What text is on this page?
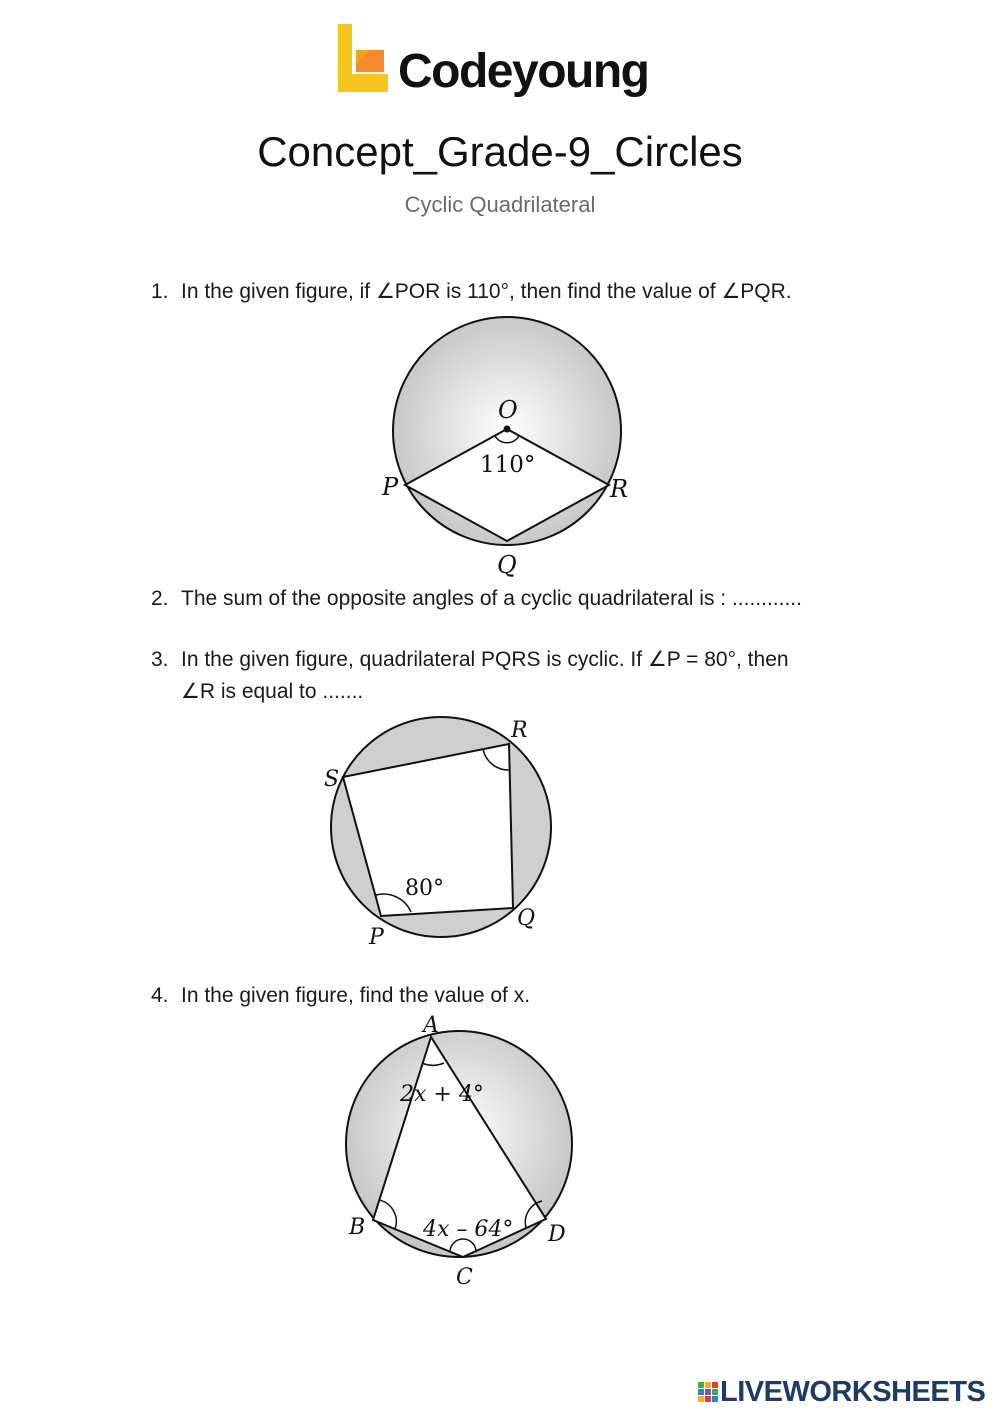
Codeyoung
Concept_Grade-9_Circles
Cyclic Quadrilateral
1. In the given figure, if ∠POR is 110°, then find the value of ∠PQR.
O
110°
P	R
Q
2. The sum of the opposite angles of a cyclic quadrilateral is : ............
3. In the given figure, quadrilateral PQRS is cyclic. If ∠P = 80°, then
∠R is equal to .......
R
S
80°
P
Q
4. In the given figure, find the value of x.
A
2x + 4°
B	4x – 64°
C
D
LIVEWORKSHEETS
